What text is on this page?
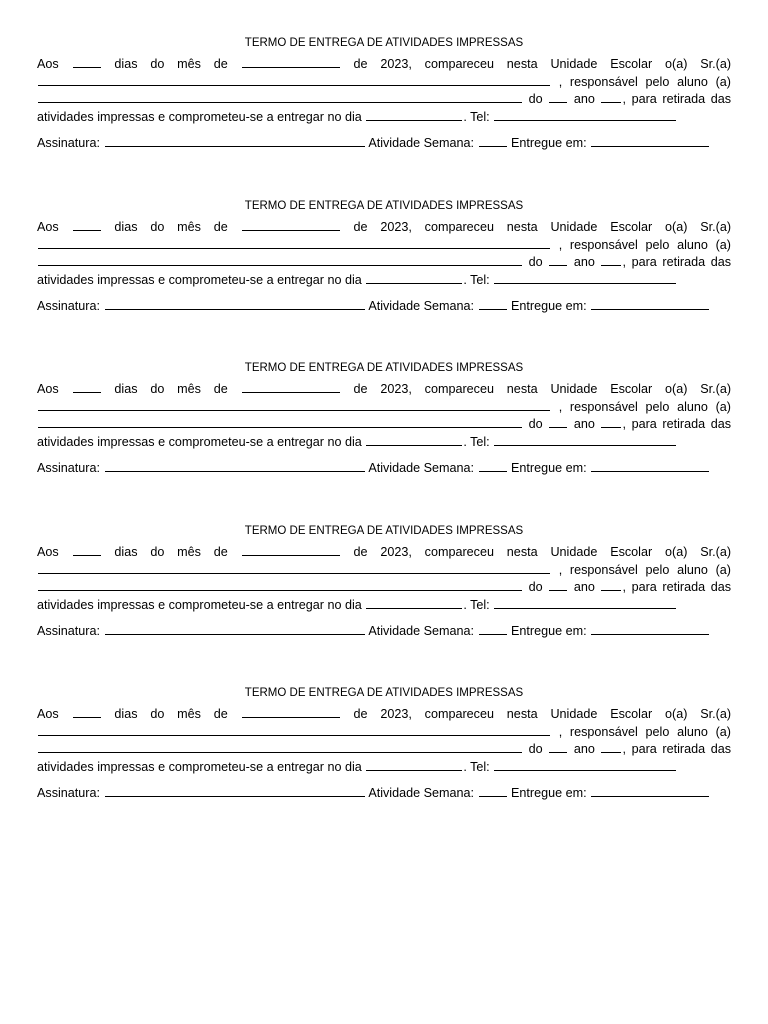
TERMO DE ENTREGA DE ATIVIDADES IMPRESSAS
Aos	dias do mês de	de 2023, compareceu nesta Unidade Escolar o(a) Sr.(a)
, responsável pelo aluno (a)
do ano , para retirada das
atividades impressas e comprometeu-se a entregar no dia	. Tel:
Assinatura:	Atividade Semana:	Entregue em:
TERMO DE ENTREGA DE ATIVIDADES IMPRESSAS
Aos	dias do mês de	de 2023, compareceu nesta Unidade Escolar o(a) Sr.(a)
, responsável pelo aluno (a)
do ano , para retirada das
atividades impressas e comprometeu-se a entregar no dia	. Tel:
Assinatura:	Atividade Semana:	Entregue em:
TERMO DE ENTREGA DE ATIVIDADES IMPRESSAS
Aos	dias do mês de	de 2023, compareceu nesta Unidade Escolar o(a) Sr.(a)
, responsável pelo aluno (a)
do ano , para retirada das
atividades impressas e comprometeu-se a entregar no dia	. Tel:
Assinatura:	Atividade Semana:	Entregue em:
TERMO DE ENTREGA DE ATIVIDADES IMPRESSAS
Aos	dias do mês de	de 2023, compareceu nesta Unidade Escolar o(a) Sr.(a)
, responsável pelo aluno (a)
do ano , para retirada das
atividades impressas e comprometeu-se a entregar no dia	. Tel:
Assinatura:	Atividade Semana:	Entregue em:
TERMO DE ENTREGA DE ATIVIDADES IMPRESSAS
Aos	dias do mês de	de 2023, compareceu nesta Unidade Escolar o(a) Sr.(a)
, responsável pelo aluno (a)
do ano , para retirada das
atividades impressas e comprometeu-se a entregar no dia	. Tel:
Assinatura:	Atividade Semana:	Entregue em:
